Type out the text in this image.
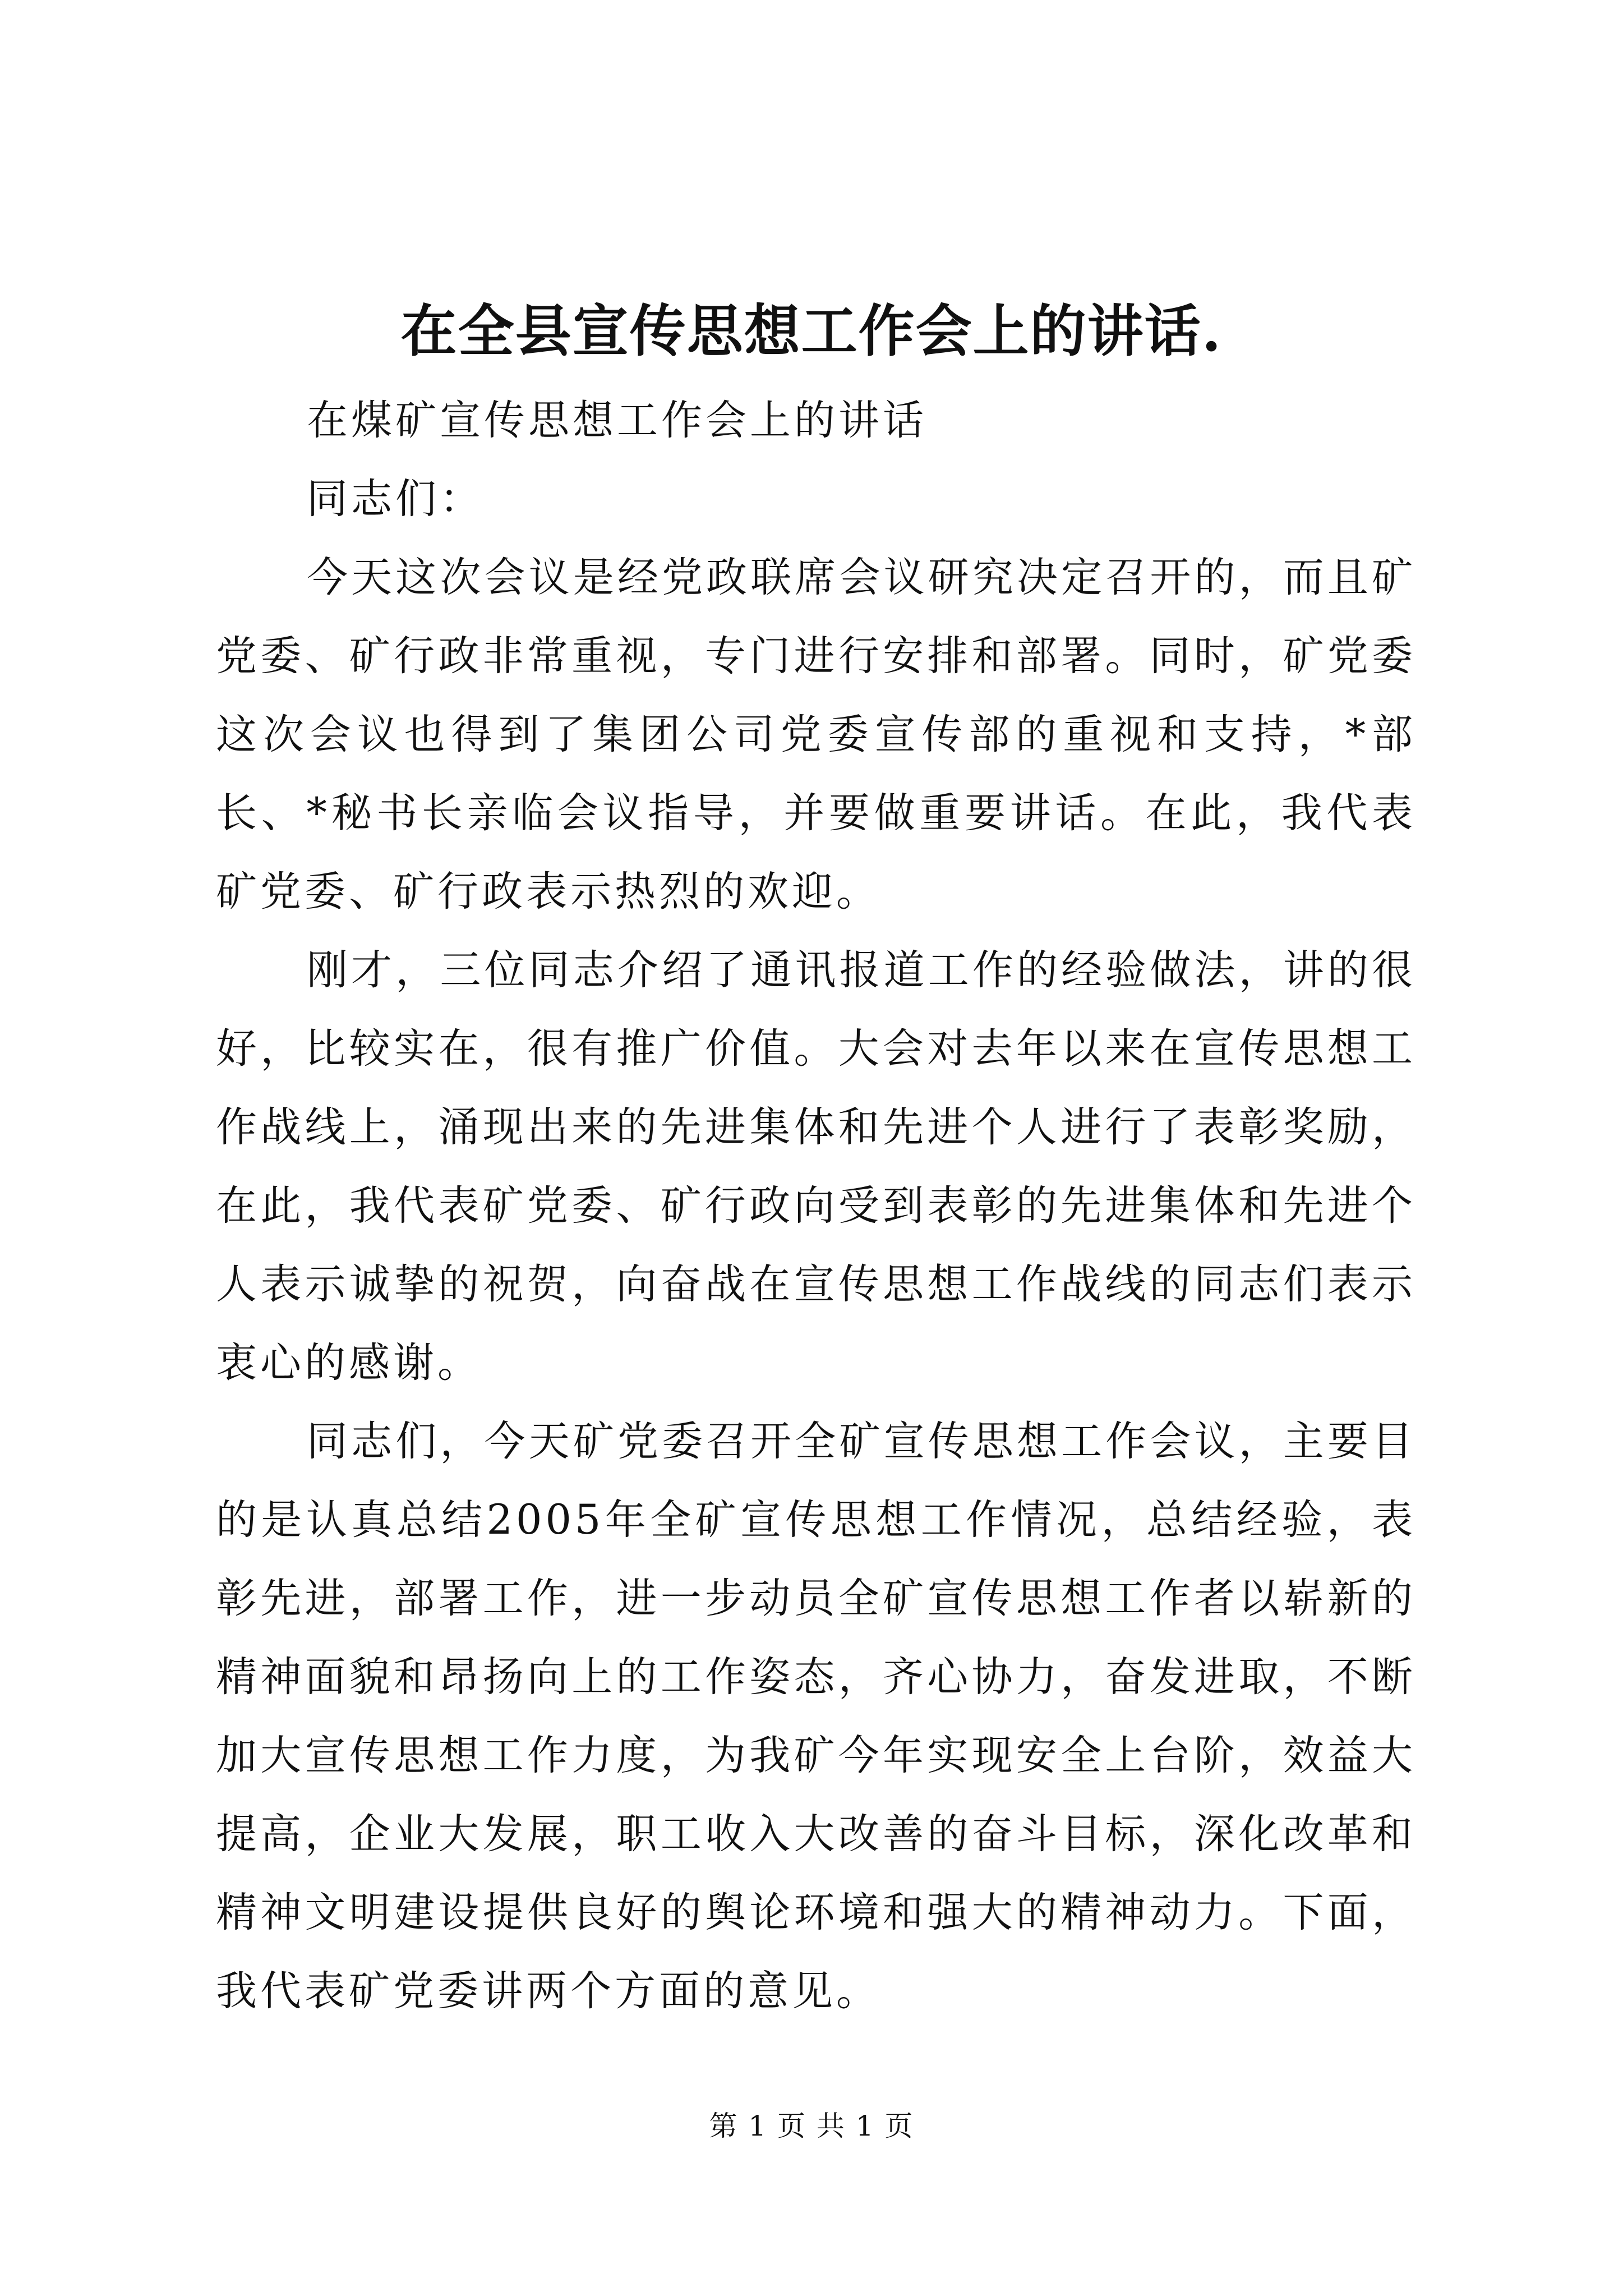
在全县宣传思想工作会上的讲话.

在煤矿宣传思想工作会上的讲话

同志们：

今天这次会议是经党政联席会议研究决定召开的，而且矿党委、矿行政非常重视，专门进行安排和部署。同时，矿党委这次会议也得到了集团公司党委宣传部的重视和支持，*部长、*秘书长亲临会议指导，并要做重要讲话。在此，我代表矿党委、矿行政表示热烈的欢迎。

刚才，三位同志介绍了通讯报道工作的经验做法，讲的很好，比较实在，很有推广价值。大会对去年以来在宣传思想工作战线上，涌现出来的先进集体和先进个人进行了表彰奖励，在此，我代表矿党委、矿行政向受到表彰的先进集体和先进个人表示诚挚的祝贺，向奋战在宣传思想工作战线的同志们表示衷心的感谢。

同志们，今天矿党委召开全矿宣传思想工作会议，主要目的是认真总结2005年全矿宣传思想工作情况，总结经验，表彰先进，部署工作，进一步动员全矿宣传思想工作者以崭新的精神面貌和昂扬向上的工作姿态，齐心协力，奋发进取，不断加大宣传思想工作力度，为我矿今年实现安全上台阶，效益大提高，企业大发展，职工收入大改善的奋斗目标，深化改革和精神文明建设提供良好的舆论环境和强大的精神动力。下面，我代表矿党委讲两个方面的意见。

第 1 页 共 1 页
